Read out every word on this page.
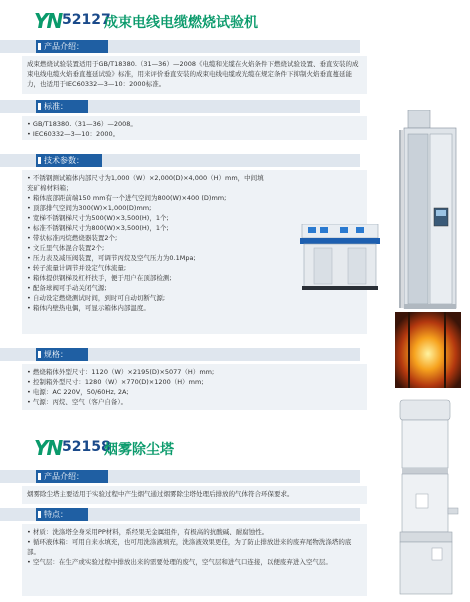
YN 52127
成束电线电缆燃烧试验机
产品介绍：

成束燃烧试验装置适用于GB/T18380.（31—36）—2008《电缆和光缆在火焰条件下燃烧试验设置、垂直安装的成束电线电缆火焰垂直蔓延试验》标准，用来评价垂直安装的成束电线电缆或光缆在规定条件下抑制火焰垂直蔓延能力，也适用于IEC60332—3—10：2000标准。

标准：
• GB/T18380.（31—36）—2008。
• IEC60332—3—10：2000。
技术参数：
• 不锈钢测试箱体内部尺寸为1,000（W）×2,000(D)×4,000（H）mm，中间填充矿棉材料箱；
• 箱体底部距前端150 mm有一个进气空间为800(W)×400 (D)mm;
• 顶部排气空间为300(W)×1,000(D)mm;
• 宽梯不锈钢梯尺寸为500(W)×3,500(H)，1个;
• 标准不锈钢梯尺寸为800(W)×3,500(H)，1个;
• 带状标准丙烷燃烧器装置2个;
• 文丘里气体混合装置2个;
• 压力表及减压阀装置，可调节丙烷及空气压力为0.1Mpa;
• 转子流量计调节并设定气体流量;
• 箱体提供钢梯及杠杆扶手，便于用户在顶部检测;
• 配备球阀可手动关闭气源;
• 自动设定燃烧测试时间，到时可自动切断气源;
• 箱体内壁热电偶，可显示箱体内部温度。
规格：
• 燃烧箱体外型尺寸：1120（W）×2195(D)×5077（H）mm;
• 控制箱外型尺寸：1280（W）×770(D)×1200（H）mm;
• 电源：AC 220V，50/60Hz, 2A;
• 气源：丙烷、空气（客户自备）。
YN 52158
烟雾除尘塔
产品介绍：

烟雾除尘塔主要适用于实验过程中产生烟气通过烟雾除尘塔处理后排放的气体符合环保要求。

特点：
• 材质：洗涤塔全身采用PP材料，系经果无金属组件，有极高的抗酸碱、耐腐蚀性。
• 循环液体箱：可用自来水填充，也可用洗涤液填充，洗涤液效果更佳，为了防止排放进来的废弃尾物洗涤塔的底部。
• 空气层：在生产或实验过程中排放出来的需要处理的废气，空气层和进气口连接，以便废弃进入空气层。
